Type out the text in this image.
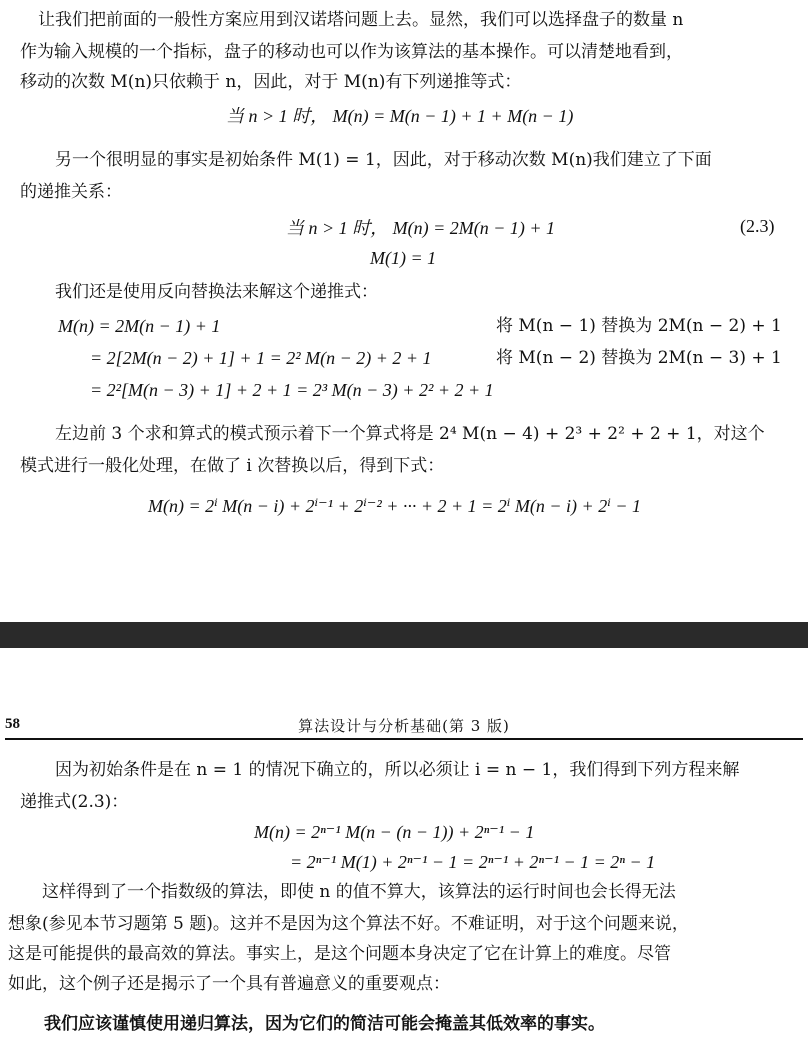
让我们把前面的一般性方案应用到汉诺塔问题上去。显然，我们可以选择盘子的数量 n
作为输入规模的一个指标，盘子的移动也可以作为该算法的基本操作。可以清楚地看到，
移动的次数 M(n)只依赖于 n，因此，对于 M(n)有下列递推等式：
当 n > 1 时， M(n) = M(n − 1) + 1 + M(n − 1)
另一个很明显的事实是初始条件 M(1) = 1，因此，对于移动次数 M(n)我们建立了下面
的递推关系：
当 n > 1 时， M(n) = 2M(n − 1) + 1
M(1) = 1
(2.3)
我们还是使用反向替换法来解这个递推式：
M(n) = 2M(n − 1) + 1	将 M(n − 1) 替换为 2M(n − 2) + 1
= 2[2M(n − 2) + 1] + 1 = 2² M(n − 2) + 2 + 1	将 M(n − 2) 替换为 2M(n − 3) + 1
= 2²[M(n − 3) + 1] + 2 + 1 = 2³ M(n − 3) + 2² + 2 + 1
左边前 3 个求和算式的模式预示着下一个算式将是 2⁴ M(n − 4) + 2³ + 2² + 2 + 1，对这个
模式进行一般化处理，在做了 i 次替换以后，得到下式：
M(n) = 2ⁱ M(n − i) + 2ⁱ⁻¹ + 2ⁱ⁻² + ··· + 2 + 1 = 2ⁱ M(n − i) + 2ⁱ − 1
58	算法设计与分析基础(第 3 版)
因为初始条件是在 n = 1 的情况下确立的，所以必须让 i = n − 1，我们得到下列方程来解
递推式(2.3)：
M(n) = 2ⁿ⁻¹ M(n − (n − 1)) + 2ⁿ⁻¹ − 1
= 2ⁿ⁻¹ M(1) + 2ⁿ⁻¹ − 1 = 2ⁿ⁻¹ + 2ⁿ⁻¹ − 1 = 2ⁿ − 1
这样得到了一个指数级的算法，即使 n 的值不算大，该算法的运行时间也会长得无法
想象(参见本节习题第 5 题)。这并不是因为这个算法不好。不难证明，对于这个问题来说，
这是可能提供的最高效的算法。事实上，是这个问题本身决定了它在计算上的难度。尽管
如此，这个例子还是揭示了一个具有普遍意义的重要观点：
我们应该谨慎使用递归算法，因为它们的简洁可能会掩盖其低效率的事实。
